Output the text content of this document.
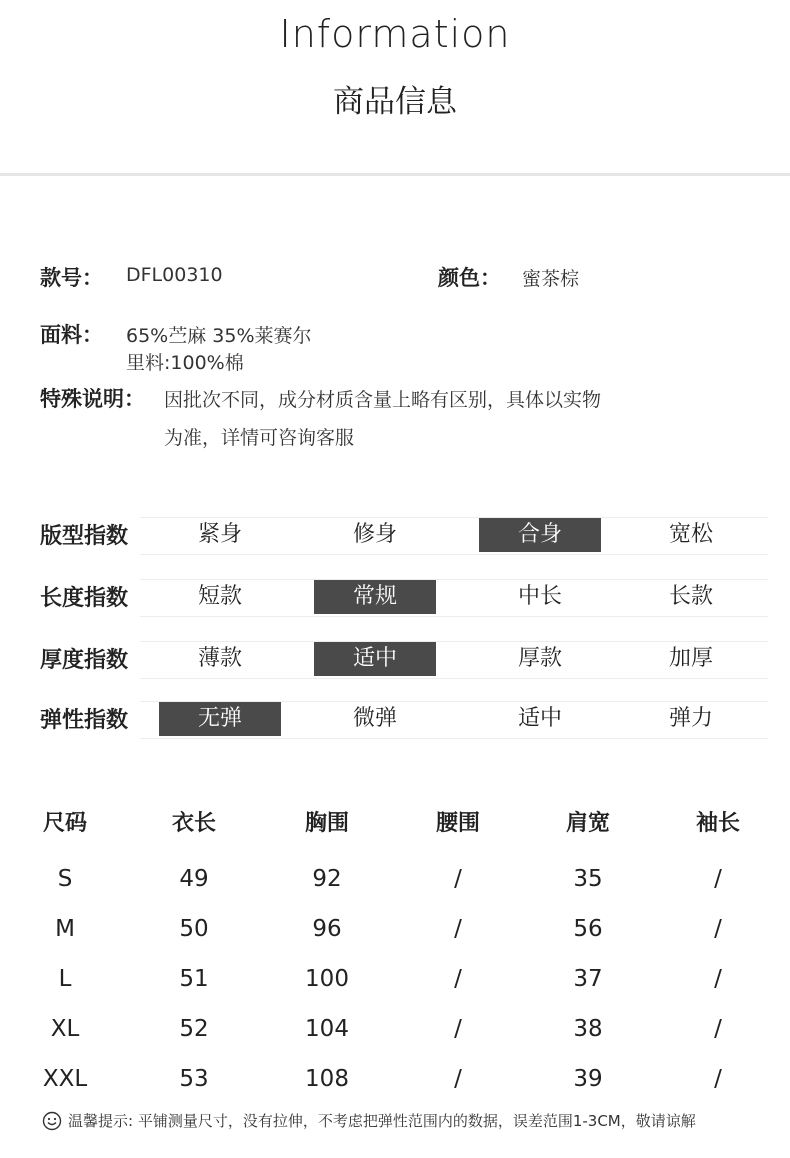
Information
商品信息
款号： DFL00310	颜色： 蜜茶棕
面料： 65%苎麻 35%莱赛尔
里料:100%棉
特殊说明： 因批次不同，成分材质含量上略有区别，具体以实物
为准，详情可咨询客服
版型指数	紧身	修身	合身	宽松
长度指数	短款	常规	中长	长款
厚度指数	薄款	适中	厚款	加厚
弹性指数	无弹	微弹	适中	弹力
尺码	衣长	胸围	腰围	肩宽	袖长
S	49	92	/	35	/
M	50	96	/	56	/
L	51	100	/	37	/
XL	52	104	/	38	/
XXL	53	108	/	39	/
温馨提示: 平铺测量尺寸，没有拉伸，不考虑把弹性范围内的数据，误差范围1-3CM，敬请谅解
